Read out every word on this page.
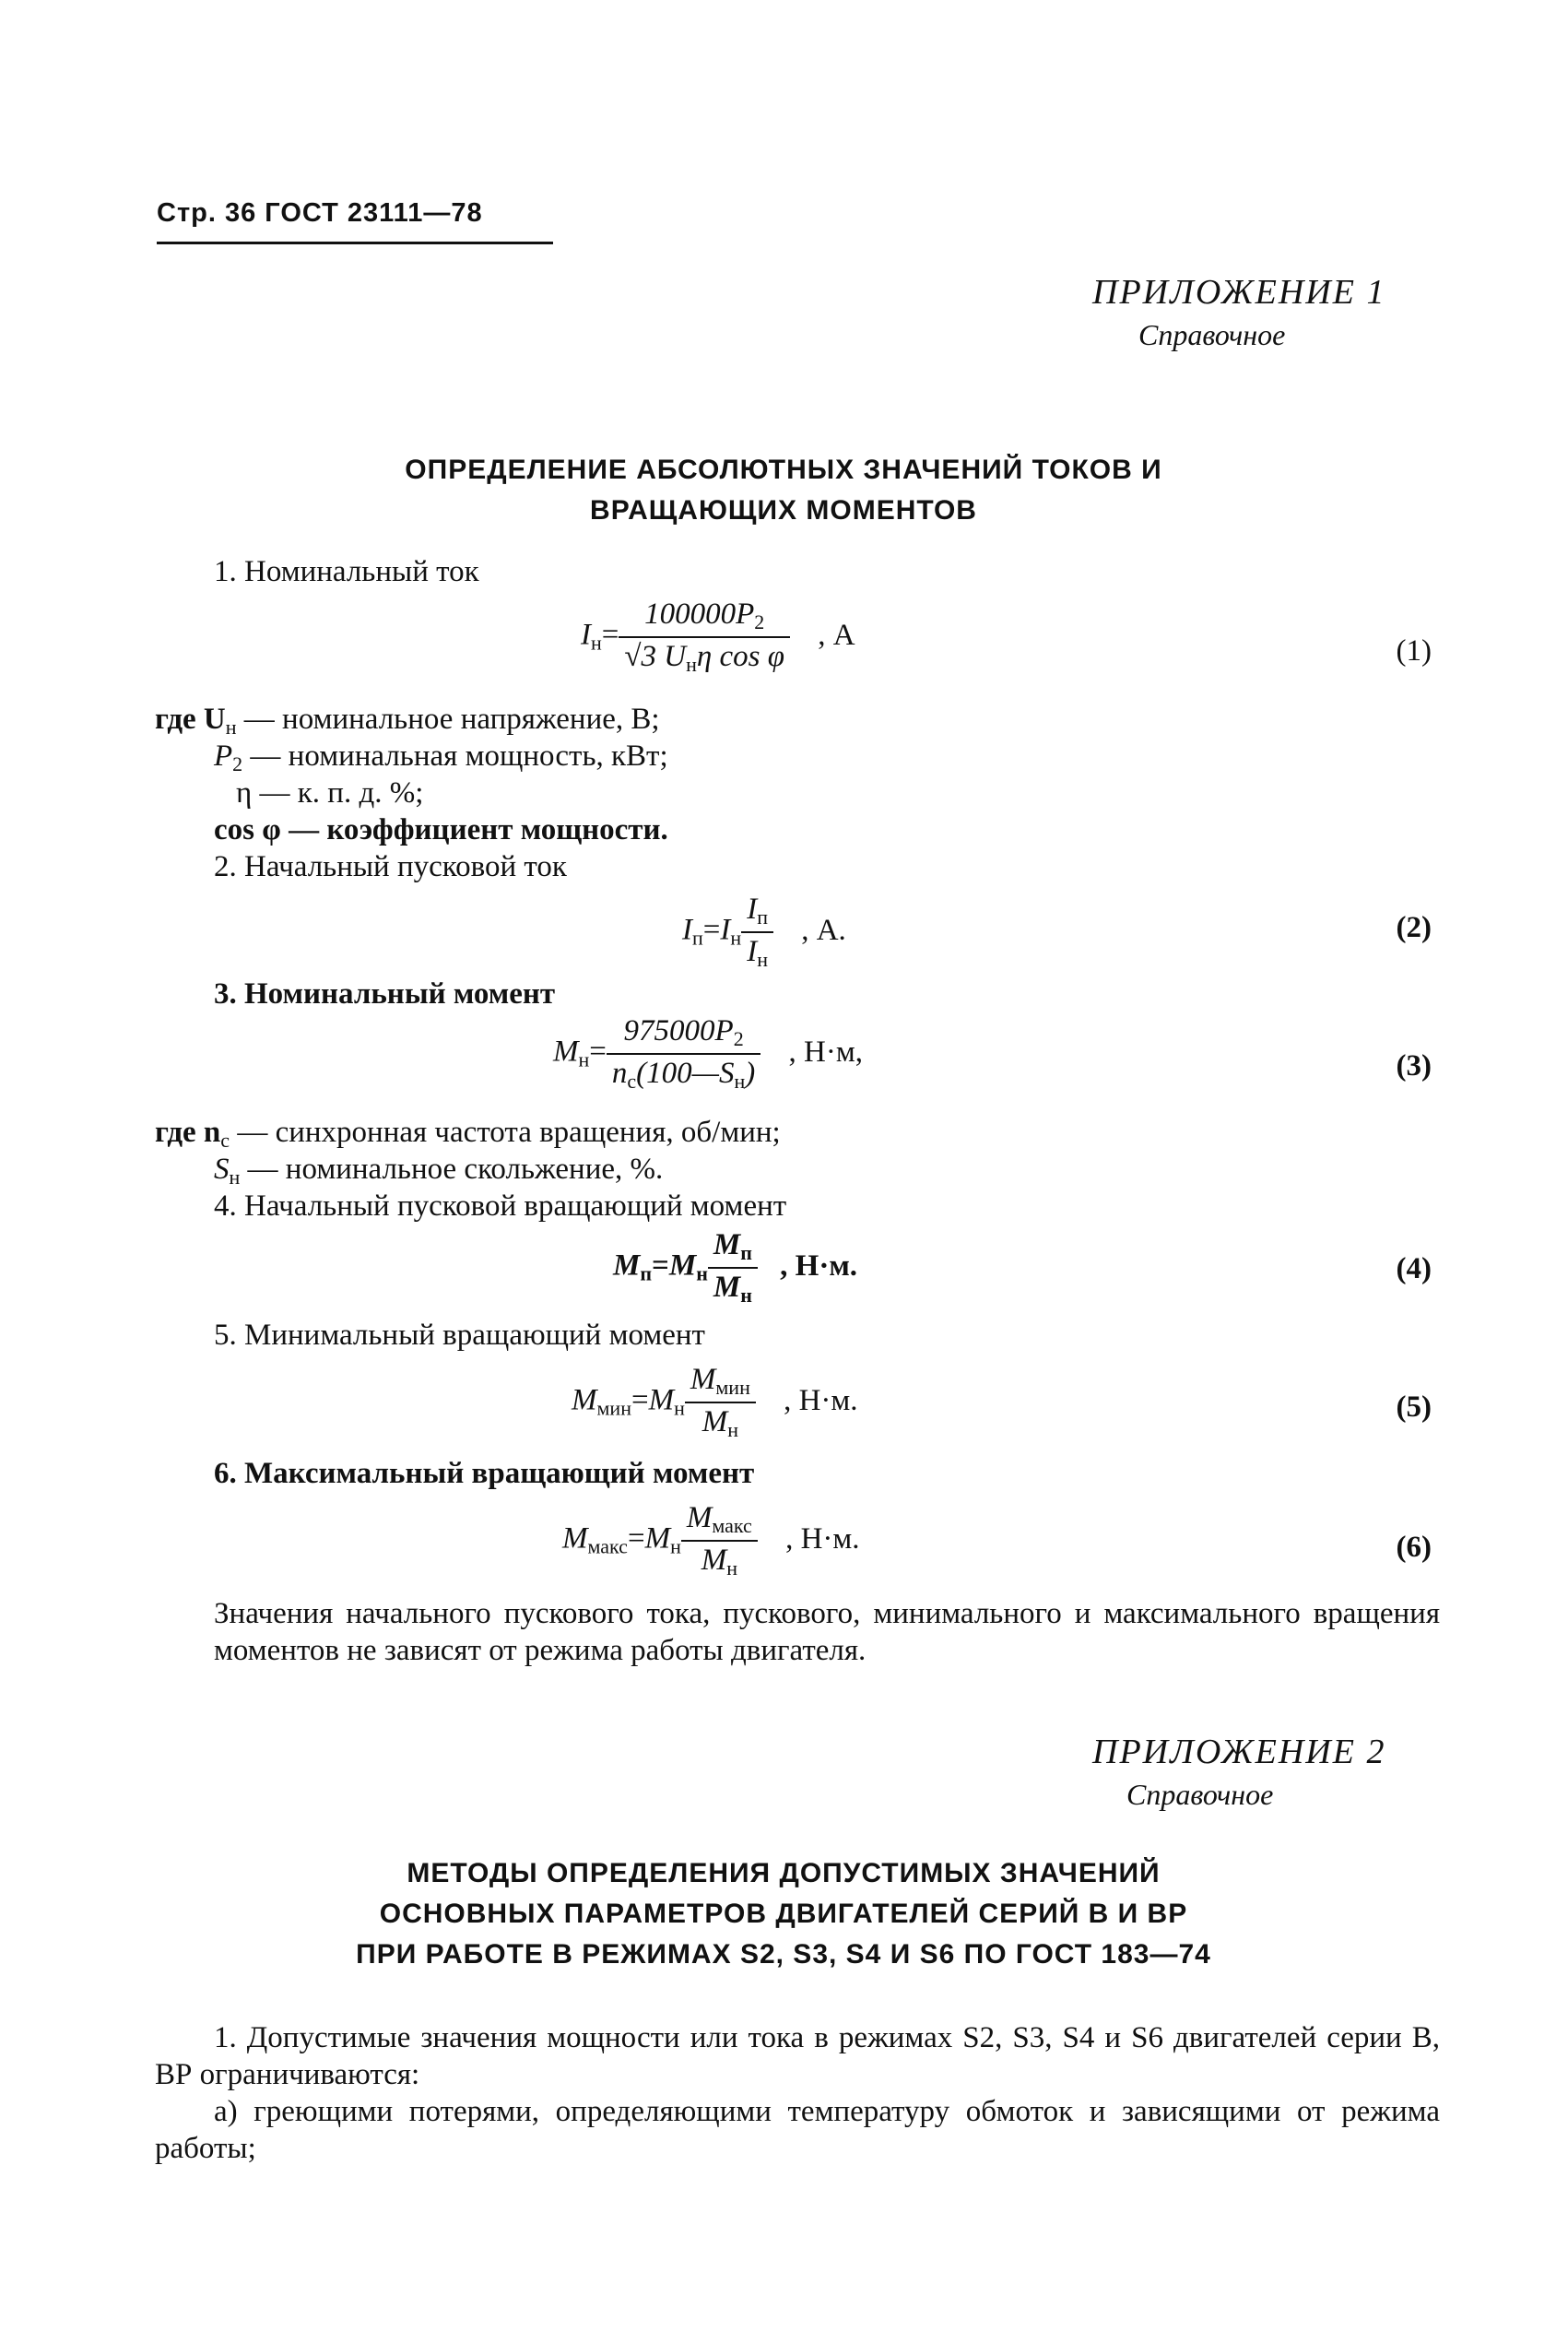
Стр. 36 ГОСТ 23111—78
ПРИЛОЖЕНИЕ 1
Справочное
ОПРЕДЕЛЕНИЕ АБСОЛЮТНЫХ ЗНАЧЕНИЙ ТОКОВ И
ВРАЩАЮЩИХ МОМЕНТОВ
1. Номинальный ток
$I_н= \frac{100000P_2}{√3 U_н\eta \cos \varphi}$ , А	(1)
где $U_н$ — номинальное напряжение, В;
$P_2$ — номинальная мощность, кВт;
η — к. п. д. %;
cos φ — коэффициент мощности.
2. Начальный пусковой ток
$I_п=I_н \frac{I_п}{I_н}$ , А.	(2)
3. Номинальный момент
$M_н= \frac{975000P_2}{n_с(100—S_н)}$ , Н·м,	(3)
где $n_с$ — синхронная частота вращения, об/мин;
$S_н$ — номинальное скольжение, %.
4. Начальный пусковой вращающий момент
$M_п=M_н \frac{M_п}{M_н}$ , Н·м.	(4)
5. Минимальный вращающий момент
$M_{мин}=M_н \frac{M_{мин}}{M_н}$ , Н·м.	(5)
6. Максимальный вращающий момент
$M_{макс}=M_н \frac{M_{макс}}{M_н}$ , Н·м.	(6)
Значения начального пускового тока, пускового, минимального и максимального вращения моментов не зависят от режима работы двигателя.
ПРИЛОЖЕНИЕ 2
Справочное
МЕТОДЫ ОПРЕДЕЛЕНИЯ ДОПУСТИМЫХ ЗНАЧЕНИЙ
ОСНОВНЫХ ПАРАМЕТРОВ ДВИГАТЕЛЕЙ СЕРИЙ В И ВР
ПРИ РАБОТЕ В РЕЖИМАХ S2, S3, S4 И S6 ПО ГОСТ 183—74
1. Допустимые значения мощности или тока в режимах S2, S3, S4 и S6 двигателей серии В, ВР ограничиваются:
а) греющими потерями, определяющими температуру обмоток и зависящими от режима работы;
